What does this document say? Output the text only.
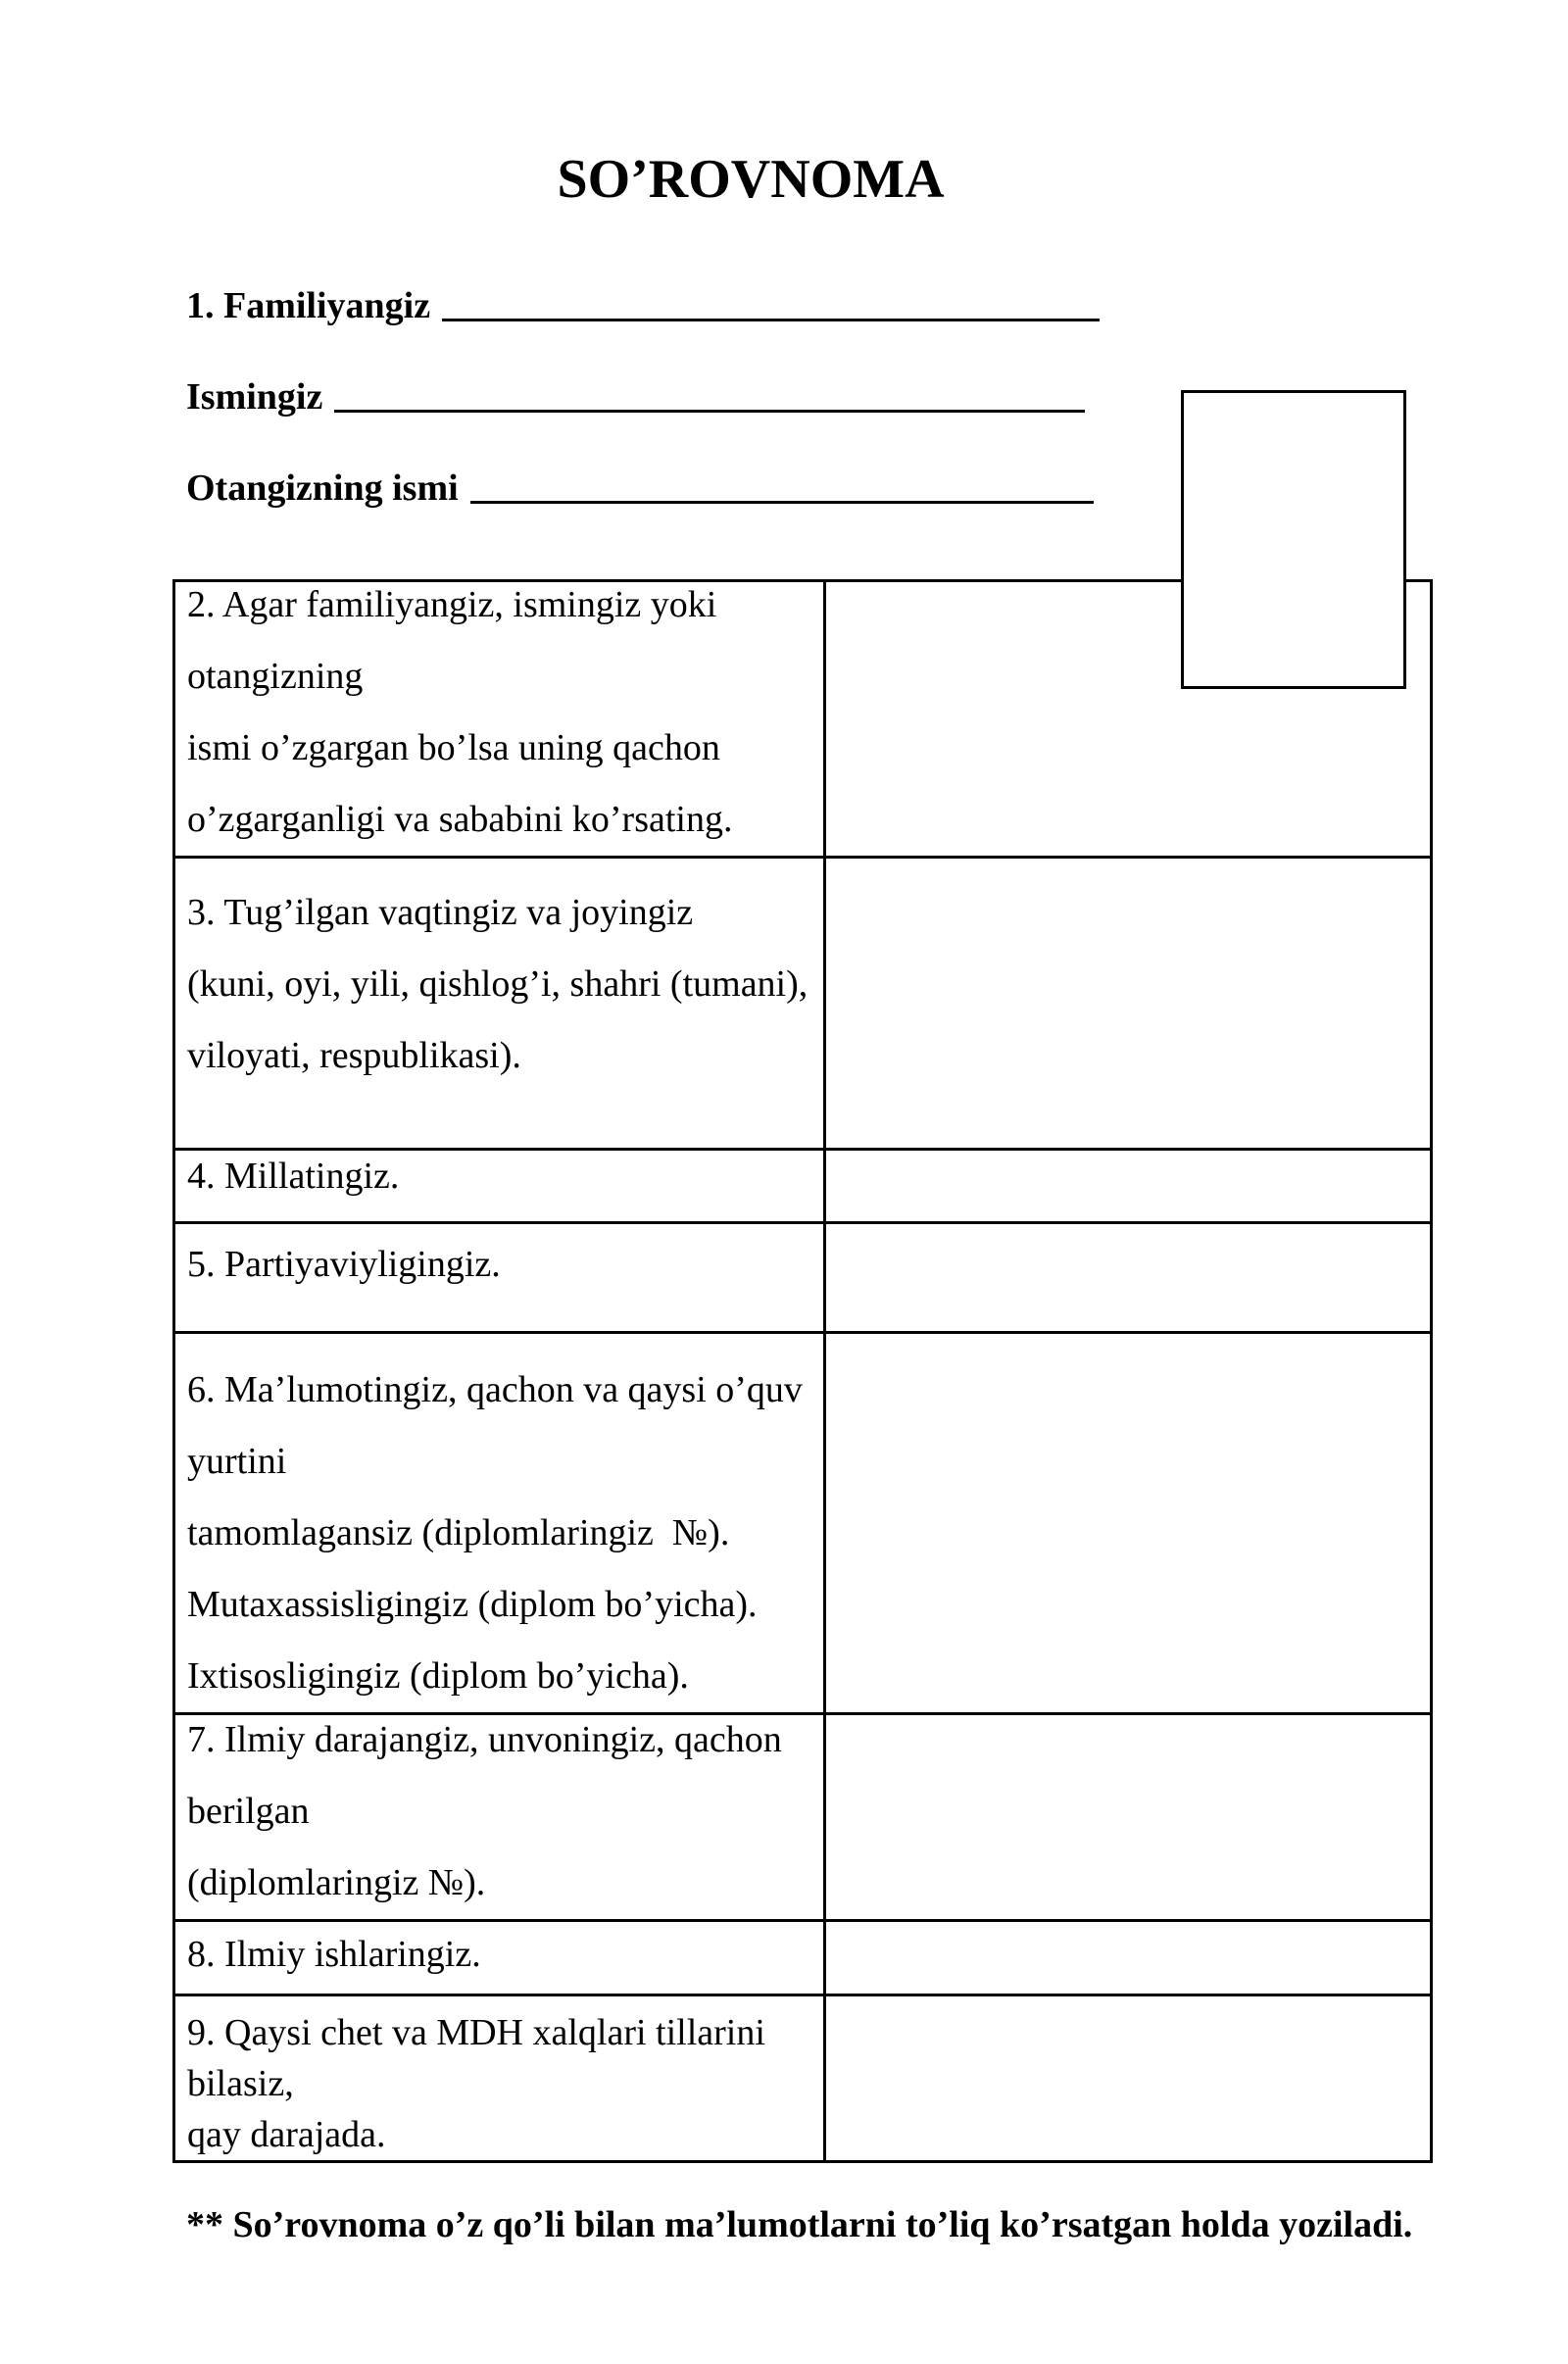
SO’ROVNOMA
1. Familiyangiz
Ismingiz
Otangizning ismi
2. Agar familiyangiz, ismingiz yoki otangizning
ismi o’zgargan bo’lsa uning qachon
o’zgarganligi va sababini ko’rsating.
3. Tug’ilgan vaqtingiz va joyingiz
(kuni, oyi, yili, qishlog’i, shahri (tumani),
viloyati, respublikasi).
4. Millatingiz.
5. Partiyaviyligingiz.
6. Ma’lumotingiz, qachon va qaysi o’quv yurtini
tamomlagansiz (diplomlaringiz  №).
Mutaxassisligingiz (diplom bo’yicha).
Ixtisosligingiz (diplom bo’yicha).
7. Ilmiy darajangiz, unvoningiz, qachon berilgan
(diplomlaringiz №).
8. Ilmiy ishlaringiz.
9. Qaysi chet va MDH xalqlari tillarini bilasiz,
qay darajada.
** So’rovnoma o’z qo’li bilan ma’lumotlarni to’liq ko’rsatgan holda yoziladi.
